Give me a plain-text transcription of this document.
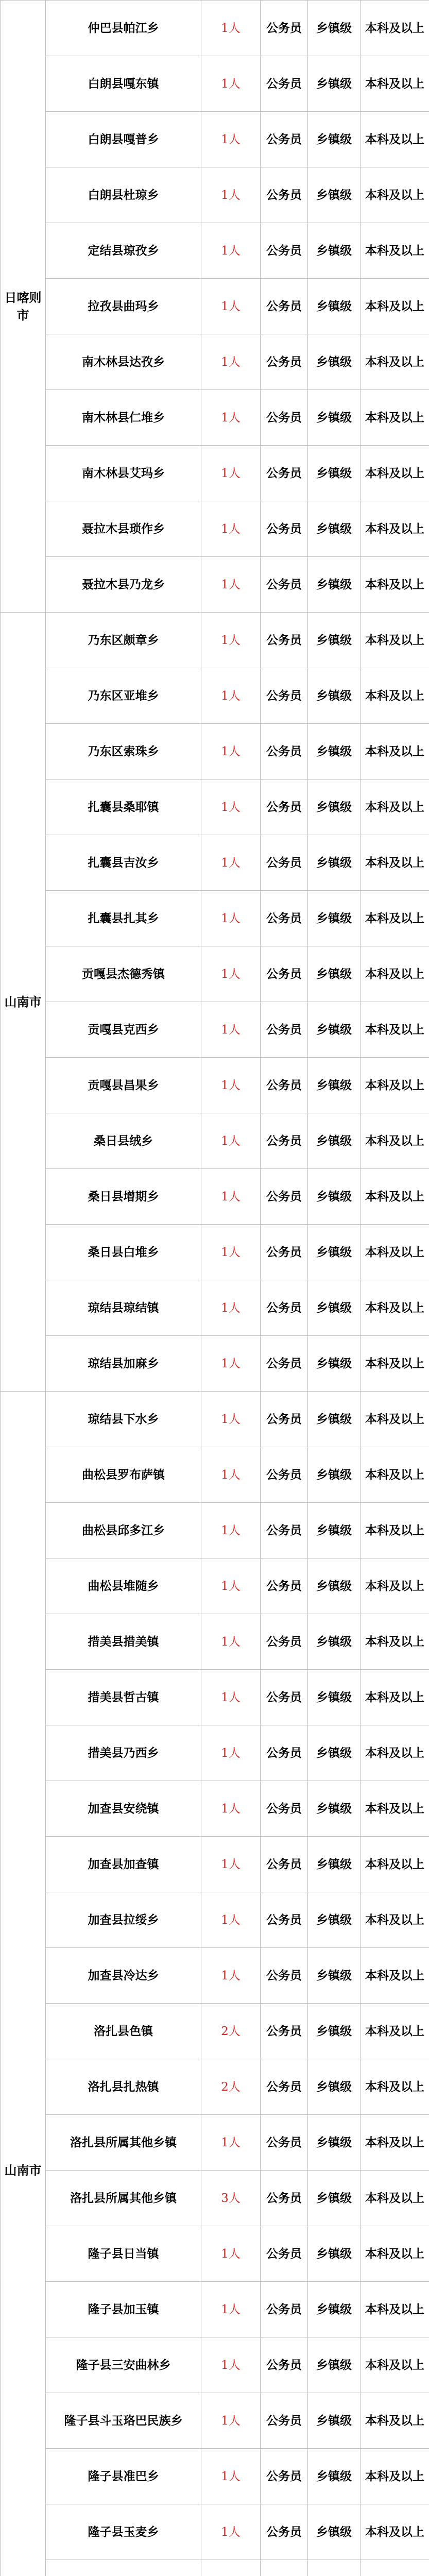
日喀则市	仲巴县帕江乡	1人	公务员	乡镇级	本科及以上
	白朗县嘎东镇	1人	公务员	乡镇级	本科及以上
	白朗县嘎普乡	1人	公务员	乡镇级	本科及以上
	白朗县杜琼乡	1人	公务员	乡镇级	本科及以上
	定结县琼孜乡	1人	公务员	乡镇级	本科及以上
	拉孜县曲玛乡	1人	公务员	乡镇级	本科及以上
	南木林县达孜乡	1人	公务员	乡镇级	本科及以上
	南木林县仁堆乡	1人	公务员	乡镇级	本科及以上
	南木林县艾玛乡	1人	公务员	乡镇级	本科及以上
	聂拉木县琐作乡	1人	公务员	乡镇级	本科及以上
	聂拉木县乃龙乡	1人	公务员	乡镇级	本科及以上
山南市	乃东区颇章乡	1人	公务员	乡镇级	本科及以上
	乃东区亚堆乡	1人	公务员	乡镇级	本科及以上
	乃东区索珠乡	1人	公务员	乡镇级	本科及以上
	扎囊县桑耶镇	1人	公务员	乡镇级	本科及以上
	扎囊县吉汝乡	1人	公务员	乡镇级	本科及以上
	扎囊县扎其乡	1人	公务员	乡镇级	本科及以上
	贡嘎县杰德秀镇	1人	公务员	乡镇级	本科及以上
	贡嘎县克西乡	1人	公务员	乡镇级	本科及以上
	贡嘎县昌果乡	1人	公务员	乡镇级	本科及以上
	桑日县绒乡	1人	公务员	乡镇级	本科及以上
	桑日县增期乡	1人	公务员	乡镇级	本科及以上
	桑日县白堆乡	1人	公务员	乡镇级	本科及以上
	琼结县琼结镇	1人	公务员	乡镇级	本科及以上
	琼结县加麻乡	1人	公务员	乡镇级	本科及以上
山南市	琼结县下水乡	1人	公务员	乡镇级	本科及以上
	曲松县罗布萨镇	1人	公务员	乡镇级	本科及以上
	曲松县邱多江乡	1人	公务员	乡镇级	本科及以上
	曲松县堆随乡	1人	公务员	乡镇级	本科及以上
	措美县措美镇	1人	公务员	乡镇级	本科及以上
	措美县哲古镇	1人	公务员	乡镇级	本科及以上
	措美县乃西乡	1人	公务员	乡镇级	本科及以上
	加查县安绕镇	1人	公务员	乡镇级	本科及以上
	加查县加查镇	1人	公务员	乡镇级	本科及以上
	加查县拉绥乡	1人	公务员	乡镇级	本科及以上
	加查县冷达乡	1人	公务员	乡镇级	本科及以上
	洛扎县色镇	2人	公务员	乡镇级	本科及以上
	洛扎县扎热镇	2人	公务员	乡镇级	本科及以上
	洛扎县所属其他乡镇	1人	公务员	乡镇级	本科及以上
	洛扎县所属其他乡镇	3人	公务员	乡镇级	本科及以上
	隆子县日当镇	1人	公务员	乡镇级	本科及以上
	隆子县加玉镇	1人	公务员	乡镇级	本科及以上
	隆子县三安曲林乡	1人	公务员	乡镇级	本科及以上
	隆子县斗玉珞巴民族乡	1人	公务员	乡镇级	本科及以上
	隆子县准巴乡	1人	公务员	乡镇级	本科及以上
	隆子县玉麦乡	1人	公务员	乡镇级	本科及以上
